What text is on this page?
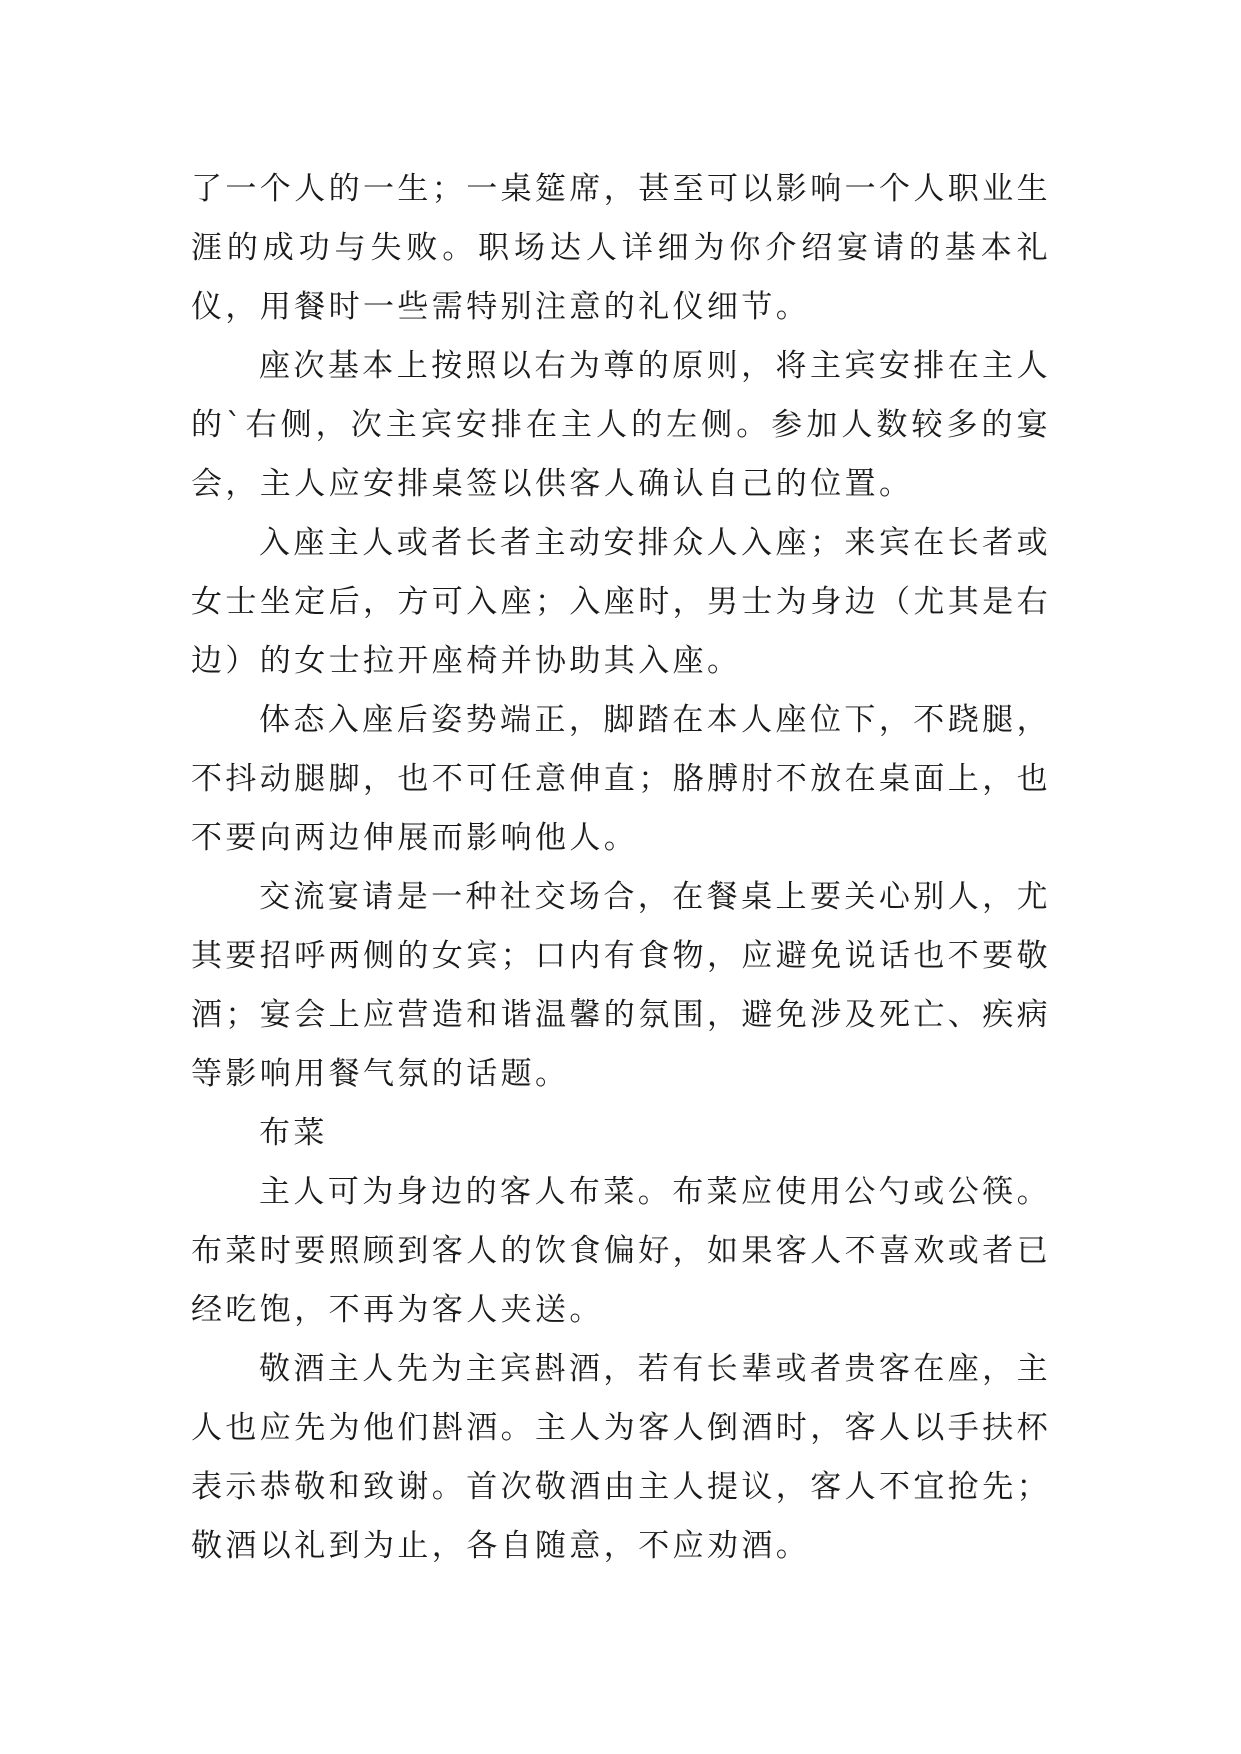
了一个人的一生；一桌筵席，甚至可以影响一个人职业生涯的成功与失败。职场达人详细为你介绍宴请的基本礼仪，用餐时一些需特别注意的礼仪细节。

座次基本上按照以右为尊的原则，将主宾安排在主人的`右侧，次主宾安排在主人的左侧。参加人数较多的宴会，主人应安排桌签以供客人确认自己的位置。

入座主人或者长者主动安排众人入座；来宾在长者或女士坐定后，方可入座；入座时，男士为身边（尤其是右边）的女士拉开座椅并协助其入座。

体态入座后姿势端正，脚踏在本人座位下，不跷腿，不抖动腿脚，也不可任意伸直；胳膊肘不放在桌面上，也不要向两边伸展而影响他人。

交流宴请是一种社交场合，在餐桌上要关心别人，尤其要招呼两侧的女宾；口内有食物，应避免说话也不要敬酒；宴会上应营造和谐温馨的氛围，避免涉及死亡、疾病等影响用餐气氛的话题。

布菜

主人可为身边的客人布菜。布菜应使用公勺或公筷。布菜时要照顾到客人的饮食偏好，如果客人不喜欢或者已经吃饱，不再为客人夹送。

敬酒主人先为主宾斟酒，若有长辈或者贵客在座，主人也应先为他们斟酒。主人为客人倒酒时，客人以手扶杯表示恭敬和致谢。首次敬酒由主人提议，客人不宜抢先；敬酒以礼到为止，各自随意，不应劝酒。
